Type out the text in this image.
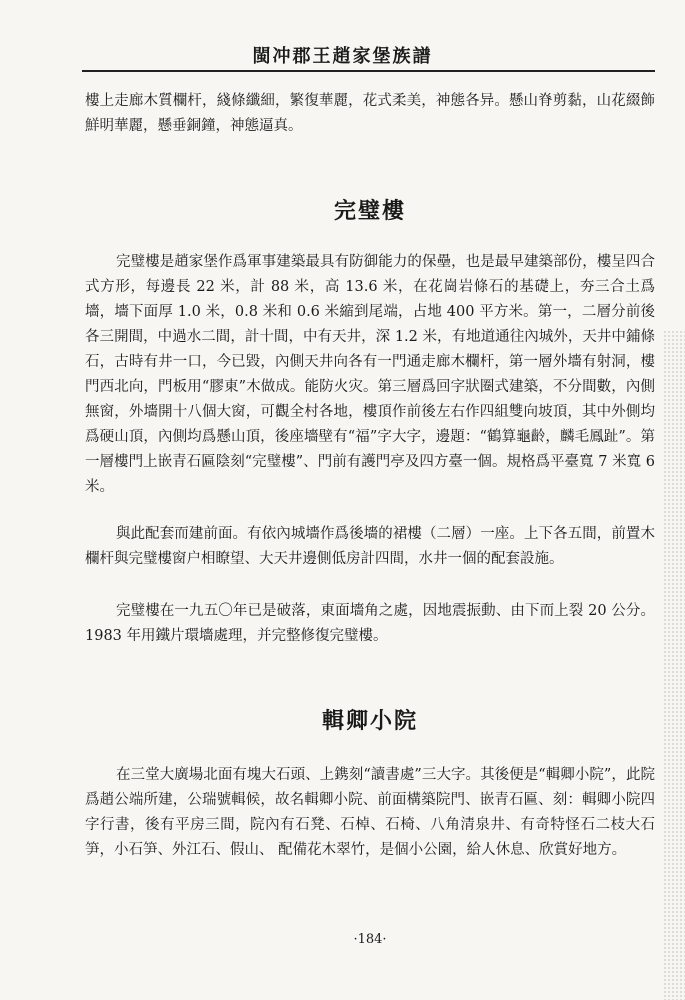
閩冲郡王趙家堡族譜
樓上走廊木質欄杆，綫條纖細，繁復華麗，花式柔美，神態各异。懸山脊剪黏，山花綴飾鮮明華麗，懸垂銅鐘，神態逼真。
完璧樓
完璧樓是趙家堡作爲軍事建築最具有防御能力的保壘，也是最早建築部份，樓呈四合式方形，每邊長 22 米，計 88 米，高 13.6 米，在花崗岩條石的基礎上，夯三合土爲墻，墻下面厚 1.0 米，0.8 米和 0.6 米縮到尾端，占地 400 平方米。第一，二層分前後各三開間，中過水二間，計十間，中有天井，深 1.2 米，有地道通往內城外，天井中鋪條石，古時有井一口，今已毀，內側天井向各有一門通走廊木欄杆，第一層外墻有射洞，樓門西北向，門板用“膠東”木做成。能防火灾。第三層爲回字狀圈式建築，不分間數，內側無窗，外墻開十八個大窗，可觀全村各地，樓頂作前後左右作四組雙向坡頂，其中外側均爲硬山頂，內側均爲懸山頂，後座墻壁有“福”字大字，邊題：“鶴算龜齡，麟毛鳳趾”。第一層樓門上嵌青石匾陰刻“完璧樓”、門前有護門亭及四方臺一個。規格爲平臺寬 7 米寬 6 米。
與此配套而建前面。有依內城墻作爲後墻的裙樓（二層）一座。上下各五間，前置木欄杆與完璧樓窗户相瞭望、大天井邊側低房計四間，水井一個的配套設施。
完璧樓在一九五〇年已是破落，東面墻角之處，因地震振動、由下而上裂 20 公分。1983 年用鐵片環墻處理，并完整修復完璧樓。
輯卿小院
在三堂大廣場北面有塊大石頭、上鎸刻“讀書處”三大字。其後便是“輯卿小院”，此院爲趙公端所建，公瑞號輯候，故名輯卿小院、前面構築院門、嵌青石匾、刻：輯卿小院四字行書，後有平房三間，院內有石凳、石棹、石椅、八角清泉井、有奇特怪石二枝大石笋，小石笋、外江石、假山、 配備花木翠竹，是個小公園，給人休息、欣賞好地方。
·184·
